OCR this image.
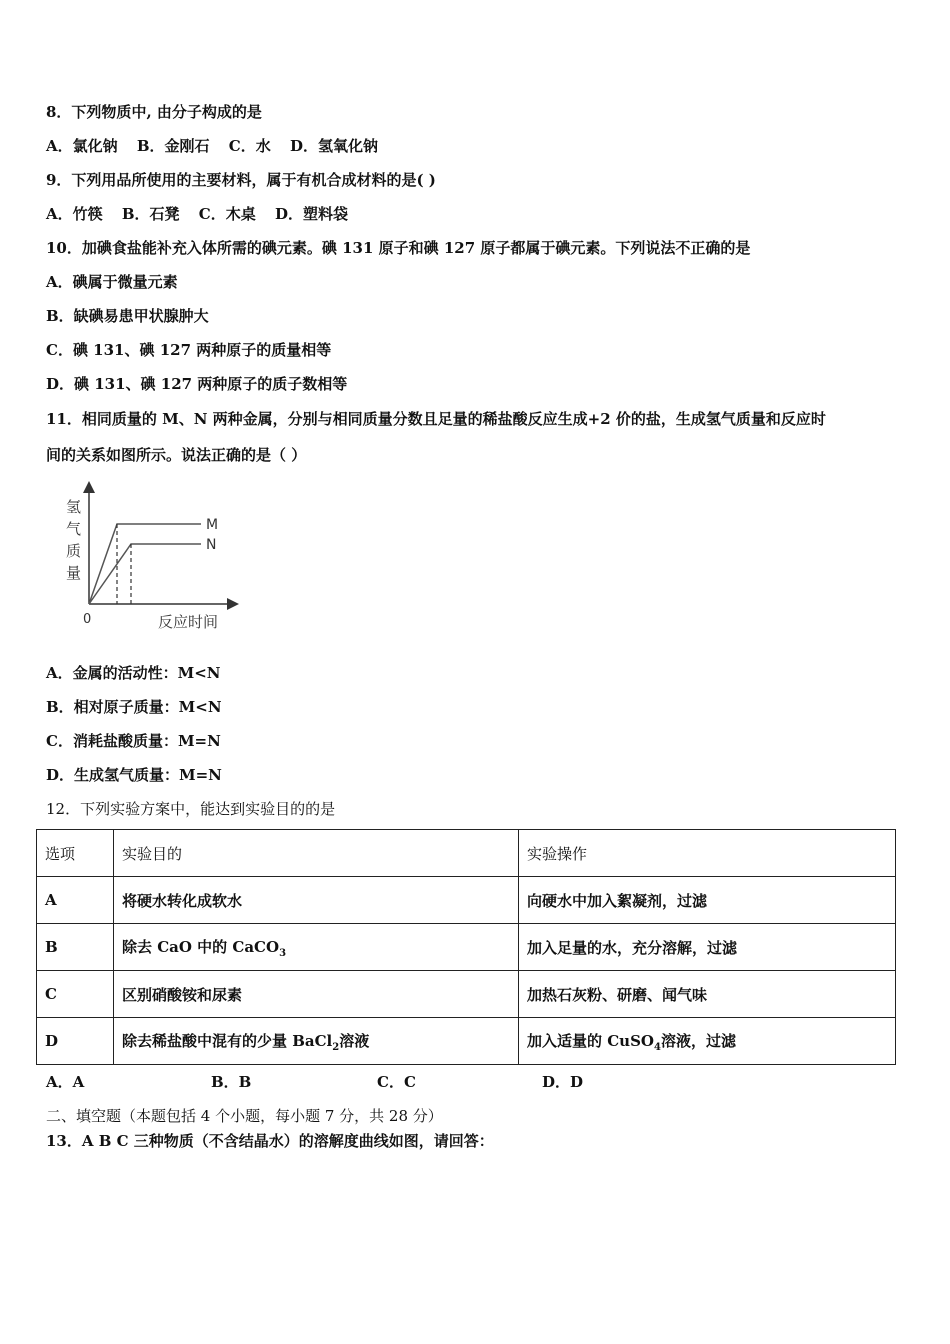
8．下列物质中, 由分子构成的是
A．氯化钠 B．金刚石 C．水 D．氢氧化钠
9．下列用品所使用的主要材料，属于有机合成材料的是( )
A．竹筷 B．石凳 C．木桌 D．塑料袋
10．加碘食盐能补充入体所需的碘元素。碘 131 原子和碘 127 原子都属于碘元素。下列说法不正确的是
A．碘属于微量元素
B．缺碘易患甲状腺肿大
C．碘 131、碘 127 两种原子的质量相等
D．碘 131、碘 127 两种原子的质子数相等
11．相同质量的 M、N 两种金属，分别与相同质量分数且足量的稀盐酸反应生成+2 价的盐，生成氢气质量和反应时
间的关系如图所示。说法正确的是（ ）
M
N
氢
气
质
量
0	反应时间
A．金属的活动性：M<N
B．相对原子质量：M<N
C．消耗盐酸质量：M=N
D．生成氢气质量：M=N
12．下列实验方案中，能达到实验目的的是
选项	实验目的	实验操作
A	将硬水转化成软水	向硬水中加入絮凝剂，过滤
B	除去 CaO 中的 CaCO$_3$	加入足量的水，充分溶解，过滤
C	区别硝酸铵和尿素	加热石灰粉、研磨、闻气味
D	除去稀盐酸中混有的少量 BaCl$_2$溶液	加入适量的 CuSO$_4$溶液，过滤
A．A	B．B	C．C	D．D
二、填空题（本题包括 4 个小题，每小题 7 分，共 28 分）
13．A B C 三种物质（不含结晶水）的溶解度曲线如图，请回答：
